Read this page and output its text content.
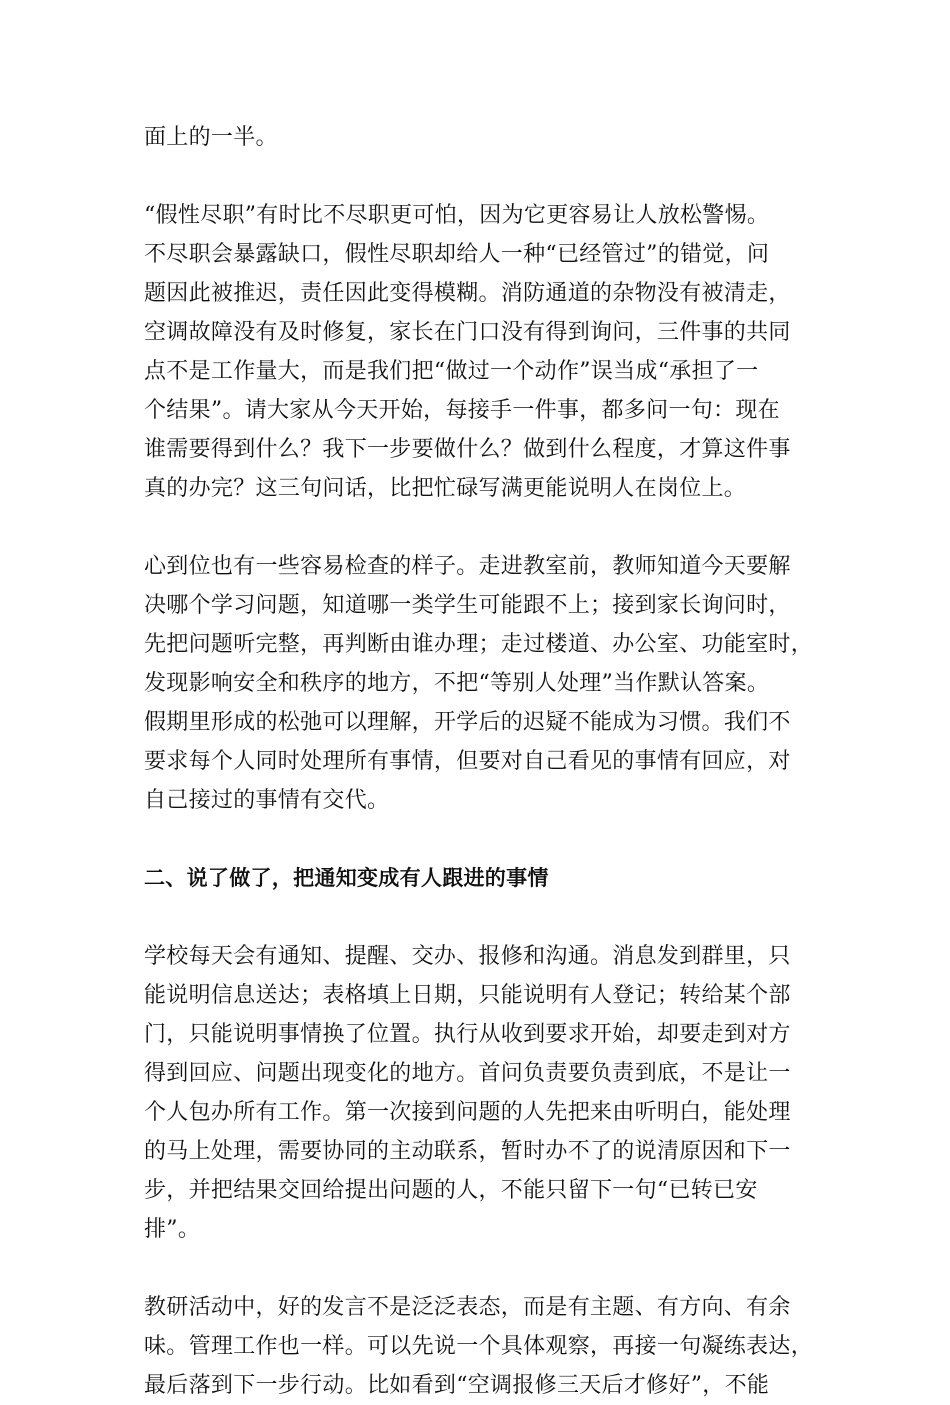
面上的一半。
“假性尽职”有时比不尽职更可怕，因为它更容易让人放松警惕。
不尽职会暴露缺口，假性尽职却给人一种“已经管过”的错觉，问
题因此被推迟，责任因此变得模糊。消防通道的杂物没有被清走，
空调故障没有及时修复，家长在门口没有得到询问，三件事的共同
点不是工作量大，而是我们把“做过一个动作”误当成“承担了一
个结果”。请大家从今天开始，每接手一件事，都多问一句：现在
谁需要得到什么？我下一步要做什么？做到什么程度，才算这件事
真的办完？这三句问话，比把忙碌写满更能说明人在岗位上。
心到位也有一些容易检查的样子。走进教室前，教师知道今天要解
决哪个学习问题，知道哪一类学生可能跟不上；接到家长询问时，
先把问题听完整，再判断由谁办理；走过楼道、办公室、功能室时，
发现影响安全和秩序的地方，不把“等别人处理”当作默认答案。
假期里形成的松弛可以理解，开学后的迟疑不能成为习惯。我们不
要求每个人同时处理所有事情，但要对自己看见的事情有回应，对
自己接过的事情有交代。
二、说了做了，把通知变成有人跟进的事情
学校每天会有通知、提醒、交办、报修和沟通。消息发到群里，只
能说明信息送达；表格填上日期，只能说明有人登记；转给某个部
门，只能说明事情换了位置。执行从收到要求开始，却要走到对方
得到回应、问题出现变化的地方。首问负责要负责到底，不是让一
个人包办所有工作。第一次接到问题的人先把来由听明白，能处理
的马上处理，需要协同的主动联系，暂时办不了的说清原因和下一
步，并把结果交回给提出问题的人，不能只留下一句“已转已安
排”。
教研活动中，好的发言不是泛泛表态，而是有主题、有方向、有余
味。管理工作也一样。可以先说一个具体观察，再接一句凝练表达，
最后落到下一步行动。比如看到“空调报修三天后才修好”，不能
